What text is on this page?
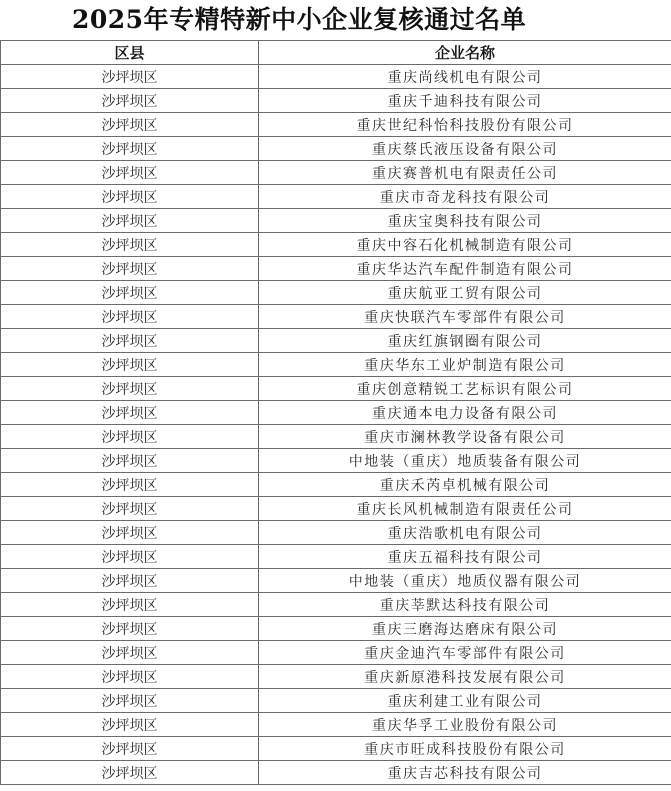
2025年专精特新中小企业复核通过名单
区县	企业名称
沙坪坝区	重庆尚线机电有限公司
沙坪坝区	重庆千迪科技有限公司
沙坪坝区	重庆世纪科怡科技股份有限公司
沙坪坝区	重庆蔡氏液压设备有限公司
沙坪坝区	重庆赛普机电有限责任公司
沙坪坝区	重庆市奇龙科技有限公司
沙坪坝区	重庆宝奥科技有限公司
沙坪坝区	重庆中容石化机械制造有限公司
沙坪坝区	重庆华达汽车配件制造有限公司
沙坪坝区	重庆航亚工贸有限公司
沙坪坝区	重庆快联汽车零部件有限公司
沙坪坝区	重庆红旗钢圈有限公司
沙坪坝区	重庆华东工业炉制造有限公司
沙坪坝区	重庆创意精锐工艺标识有限公司
沙坪坝区	重庆通本电力设备有限公司
沙坪坝区	重庆市澜林教学设备有限公司
沙坪坝区	中地装（重庆）地质装备有限公司
沙坪坝区	重庆禾芮卓机械有限公司
沙坪坝区	重庆长风机械制造有限责任公司
沙坪坝区	重庆浩歌机电有限公司
沙坪坝区	重庆五福科技有限公司
沙坪坝区	中地装（重庆）地质仪器有限公司
沙坪坝区	重庆莘默达科技有限公司
沙坪坝区	重庆三磨海达磨床有限公司
沙坪坝区	重庆金迪汽车零部件有限公司
沙坪坝区	重庆新原港科技发展有限公司
沙坪坝区	重庆利建工业有限公司
沙坪坝区	重庆华孚工业股份有限公司
沙坪坝区	重庆市旺成科技股份有限公司
沙坪坝区	重庆吉芯科技有限公司
